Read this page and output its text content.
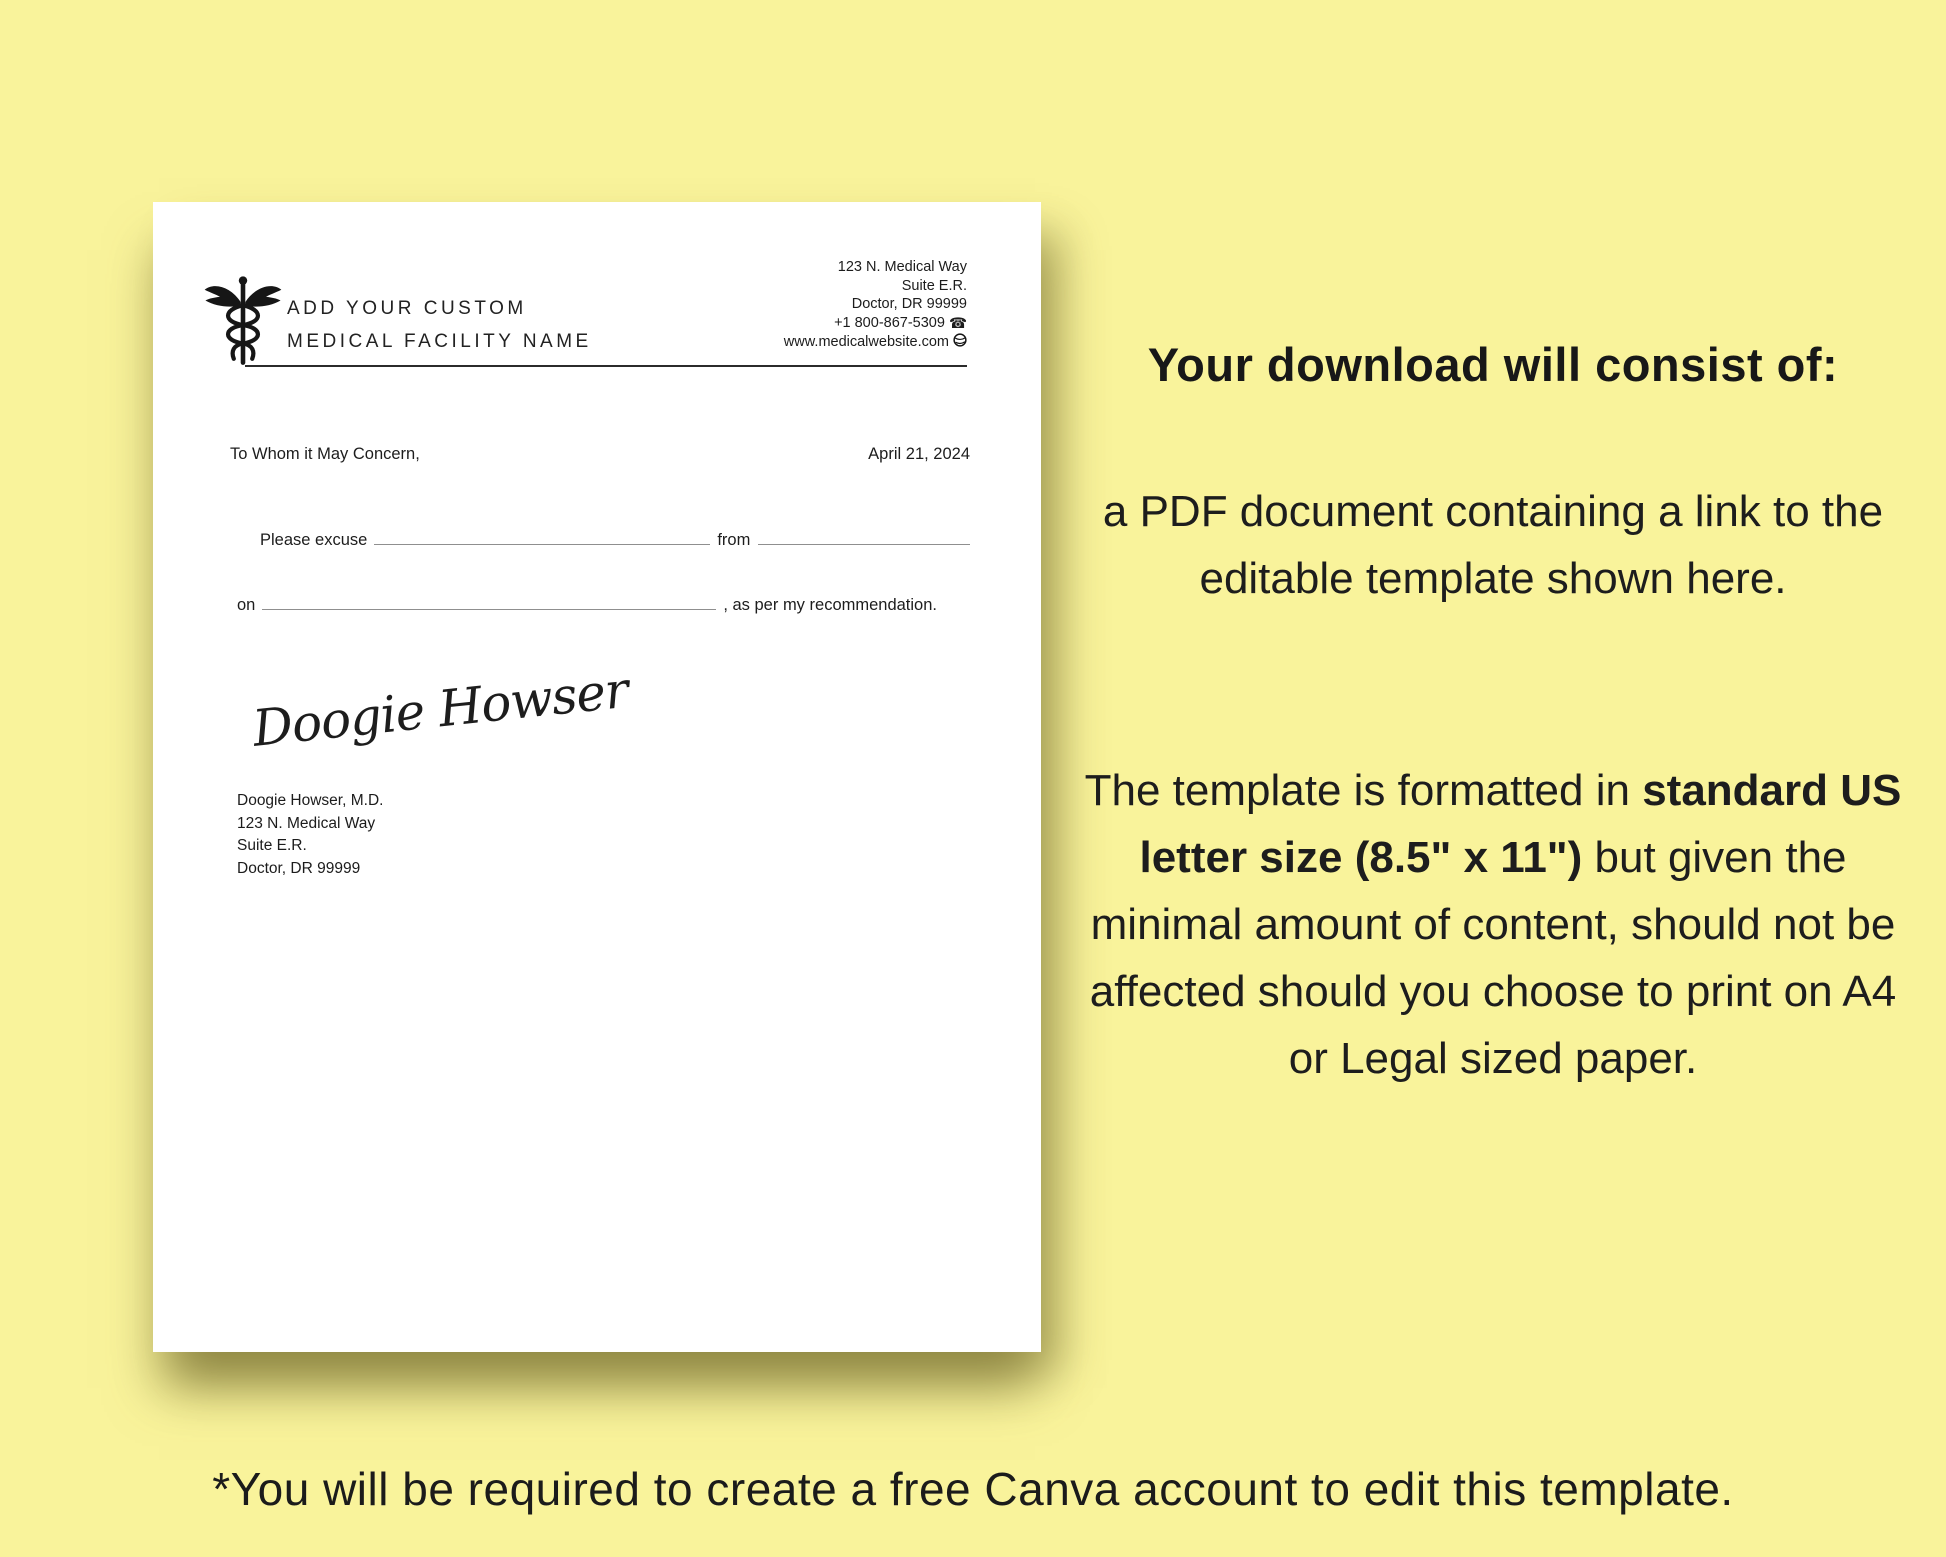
ADD YOUR CUSTOM
MEDICAL FACILITY NAME
123 N. Medical Way
Suite E.R.
Doctor, DR 99999
+1 800-867-5309 ☎
www.medicalwebsite.com
To Whom it May Concern,	April 21, 2024
Please excuse	from
on	, as per my recommendation.
Doogie Howser
Doogie Howser, M.D.
123 N. Medical Way
Suite E.R.
Doctor, DR 99999
Your download will consist of:
a PDF document containing a link to the editable template shown here.
The template is formatted in standard US letter size (8.5" x 11") but given the minimal amount of content, should not be affected should you choose to print on A4 or Legal sized paper.
*You will be required to create a free Canva account to edit this template.
